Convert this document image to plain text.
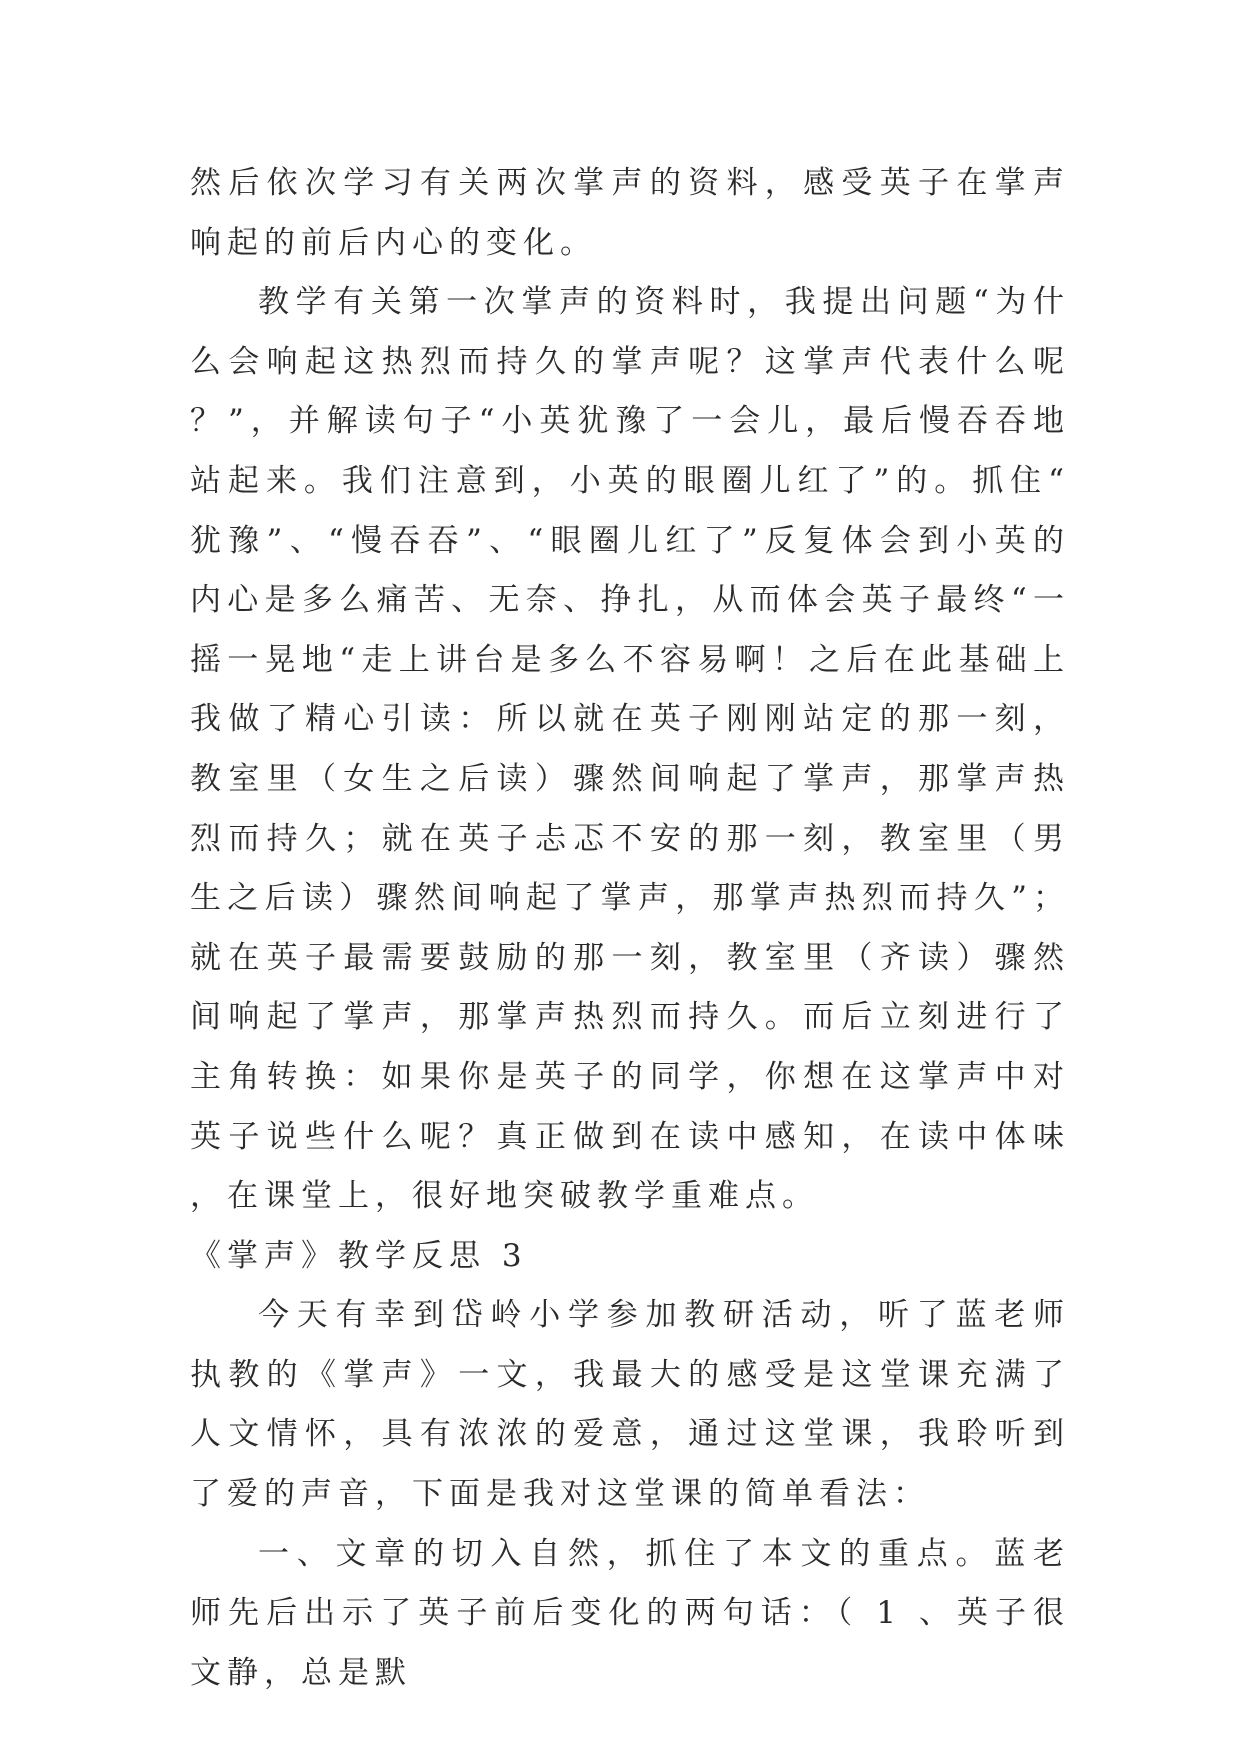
然后依次学习有关两次掌声的资料，感受英子在掌声响起的前后内心的变化。

教学有关第一次掌声的资料时，我提出问题“为什么会响起这热烈而持久的掌声呢？这掌声代表什么呢？”，并解读句子“小英犹豫了一会儿，最后慢吞吞地站起来。我们注意到，小英的眼圈儿红了”的。抓住“犹豫”、“慢吞吞”、“眼圈儿红了”反复体会到小英的内心是多么痛苦、无奈、挣扎，从而体会英子最终“一摇一晃地“走上讲台是多么不容易啊！之后在此基础上我做了精心引读：所以就在英子刚刚站定的那一刻，教室里（女生之后读）骤然间响起了掌声，那掌声热烈而持久；就在英子忐忑不安的那一刻，教室里（男生之后读）骤然间响起了掌声，那掌声热烈而持久”；就在英子最需要鼓励的那一刻，教室里（齐读）骤然间响起了掌声，那掌声热烈而持久。而后立刻进行了主角转换：如果你是英子的同学，你想在这掌声中对英子说些什么呢？真正做到在读中感知，在读中体味，在课堂上，很好地突破教学重难点。

《掌声》教学反思 3

今天有幸到岱岭小学参加教研活动，听了蓝老师执教的《掌声》一文，我最大的感受是这堂课充满了人文情怀，具有浓浓的爱意，通过这堂课，我聆听到了爱的声音，下面是我对这堂课的简单看法：

一、文章的切入自然，抓住了本文的重点。蓝老师先后出示了英子前后变化的两句话：（ 1 、英子很文静，总是默
